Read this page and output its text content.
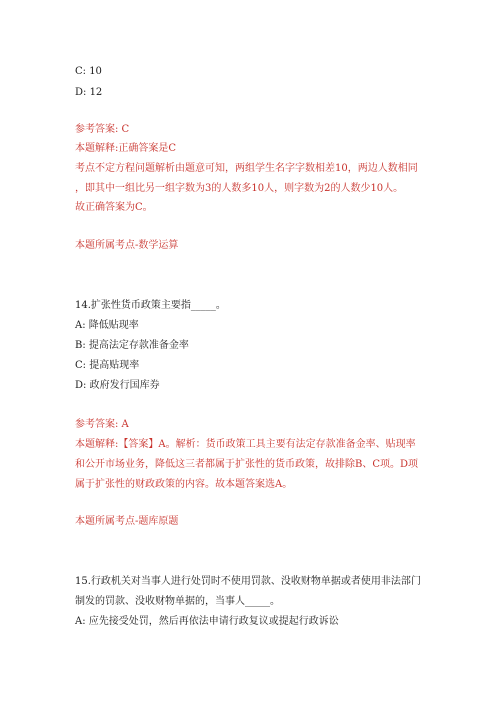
C: 10
D: 12
参考答案: C
本题解释:正确答案是C
考点不定方程问题解析由题意可知，两组学生名字字数相差10，两边人数相同
，即其中一组比另一组字数为3的人数多10人，则字数为2的人数少10人。
故正确答案为C。
本题所属考点-数学运算
14.扩张性货币政策主要指_____。
A: 降低贴现率
B: 提高法定存款准备金率
C: 提高贴现率
D: 政府发行国库券
参考答案: A
本题解释:【答案】A。解析：货币政策工具主要有法定存款准备金率、贴现率
和公开市场业务，降低这三者都属于扩张性的货币政策，故排除B、C项。D项
属于扩张性的财政政策的内容。故本题答案选A。
本题所属考点-题库原题
15.行政机关对当事人进行处罚时不使用罚款、没收财物单据或者使用非法部门
制发的罚款、没收财物单据的，当事人_____。
A: 应先接受处罚，然后再依法申请行政复议或提起行政诉讼
